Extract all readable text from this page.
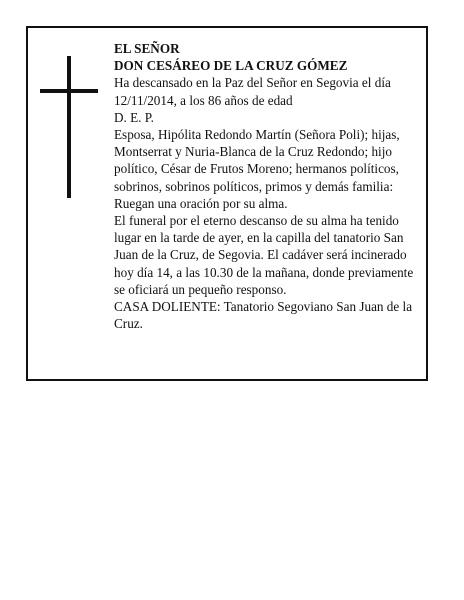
EL SEÑOR

DON CESÁREO DE LA CRUZ GÓMEZ

Ha descansado en la Paz del Señor en Segovia el día 12/11/2014, a los 86 años de edad

D. E. P.

Esposa, Hipólita Redondo Martín (Señora Poli); hijas, Montserrat y Nuria-Blanca de la Cruz Redondo; hijo político, César de Frutos Moreno; hermanos políticos, sobrinos, sobrinos políticos, primos y demás familia:

Ruegan una oración por su alma.

El funeral por el eterno descanso de su alma ha tenido lugar en la tarde de ayer, en la capilla del tanatorio San Juan de la Cruz, de Segovia. El cadáver será incinerado hoy día 14, a las 10.30 de la mañana, donde previamente se oficiará un pequeño responso.

CASA DOLIENTE: Tanatorio Segoviano San Juan de la Cruz.
